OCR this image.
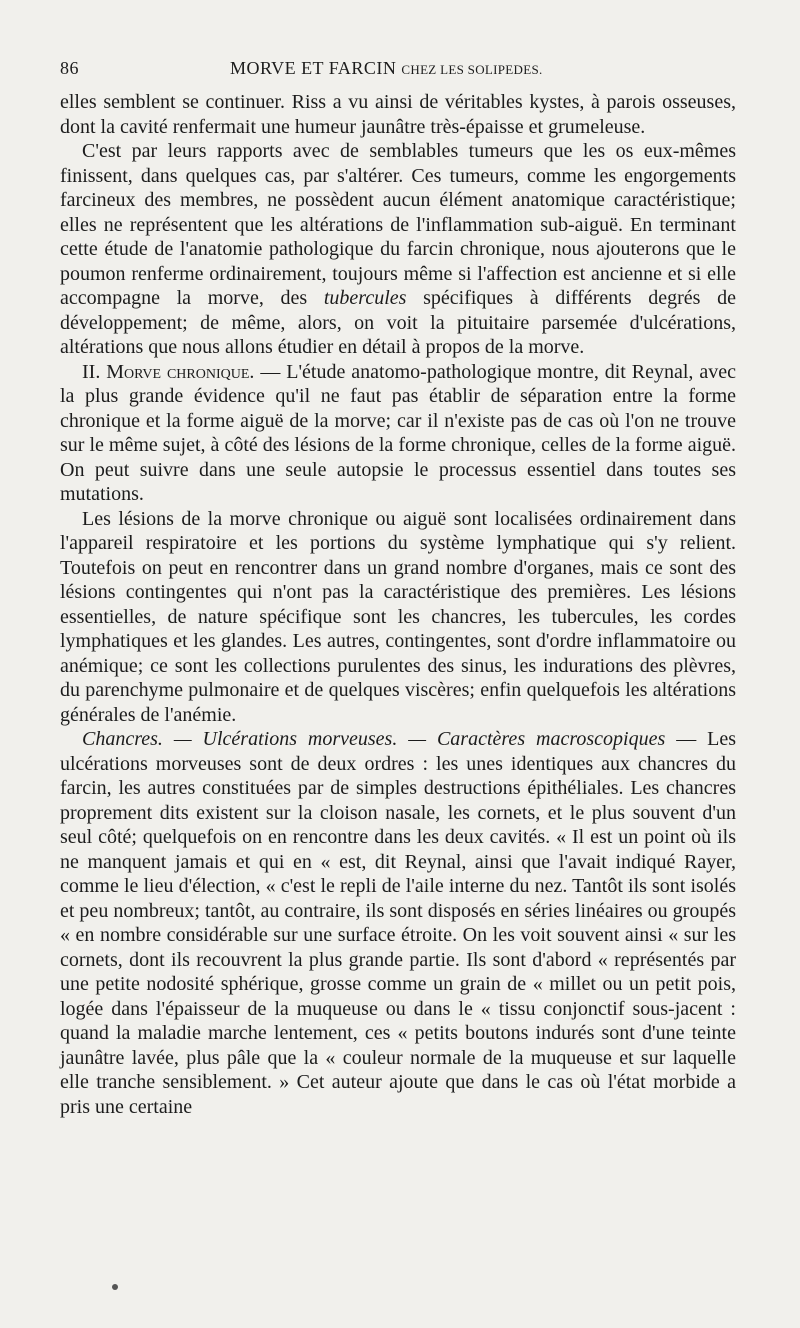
86	MORVE ET FARCIN CHEZ LES SOLIPEDES.

elles semblent se continuer. Riss a vu ainsi de véritables kystes, à parois osseuses, dont la cavité renfermait une humeur jaunâtre très-épaisse et grumeleuse.

C'est par leurs rapports avec de semblables tumeurs que les os eux-mêmes finissent, dans quelques cas, par s'altérer. Ces tumeurs, comme les engorgements farcineux des membres, ne possèdent aucun élément anatomique caractéristique; elles ne représentent que les altérations de l'inflammation sub-aiguë. En terminant cette étude de l'anatomie pathologique du farcin chronique, nous ajouterons que le poumon renferme ordinairement, toujours même si l'affection est ancienne et si elle accompagne la morve, des tubercules spécifiques à différents degrés de développement; de même, alors, on voit la pituitaire parsemée d'ulcérations, altérations que nous allons étudier en détail à propos de la morve.

II. Morve chronique. — L'étude anatomo-pathologique montre, dit Reynal, avec la plus grande évidence qu'il ne faut pas établir de séparation entre la forme chronique et la forme aiguë de la morve; car il n'existe pas de cas où l'on ne trouve sur le même sujet, à côté des lésions de la forme chronique, celles de la forme aiguë. On peut suivre dans une seule autopsie le processus essentiel dans toutes ses mutations.

Les lésions de la morve chronique ou aiguë sont localisées ordinairement dans l'appareil respiratoire et les portions du système lymphatique qui s'y relient. Toutefois on peut en rencontrer dans un grand nombre d'organes, mais ce sont des lésions contingentes qui n'ont pas la caractéristique des premières. Les lésions essentielles, de nature spécifique sont les chancres, les tubercules, les cordes lymphatiques et les glandes. Les autres, contingentes, sont d'ordre inflammatoire ou anémique; ce sont les collections purulentes des sinus, les indurations des plèvres, du parenchyme pulmonaire et de quelques viscères; enfin quelquefois les altérations générales de l'anémie.

Chancres. — Ulcérations morveuses. — Caractères macroscopiques — Les ulcérations morveuses sont de deux ordres : les unes identiques aux chancres du farcin, les autres constituées par de simples destructions épithéliales. Les chancres proprement dits existent sur la cloison nasale, les cornets, et le plus souvent d'un seul côté; quelquefois on en rencontre dans les deux cavités. « Il est un point où ils ne manquent jamais et qui en « est, dit Reynal, ainsi que l'avait indiqué Rayer, comme le lieu d'élection, « c'est le repli de l'aile interne du nez. Tantôt ils sont isolés et peu nombreux; tantôt, au contraire, ils sont disposés en séries linéaires ou groupés « en nombre considérable sur une surface étroite. On les voit souvent ainsi « sur les cornets, dont ils recouvrent la plus grande partie. Ils sont d'abord « représentés par une petite nodosité sphérique, grosse comme un grain de « millet ou un petit pois, logée dans l'épaisseur de la muqueuse ou dans le « tissu conjonctif sous-jacent : quand la maladie marche lentement, ces « petits boutons indurés sont d'une teinte jaunâtre lavée, plus pâle que la « couleur normale de la muqueuse et sur laquelle elle tranche sensiblement. » Cet auteur ajoute que dans le cas où l'état morbide a pris une certaine
